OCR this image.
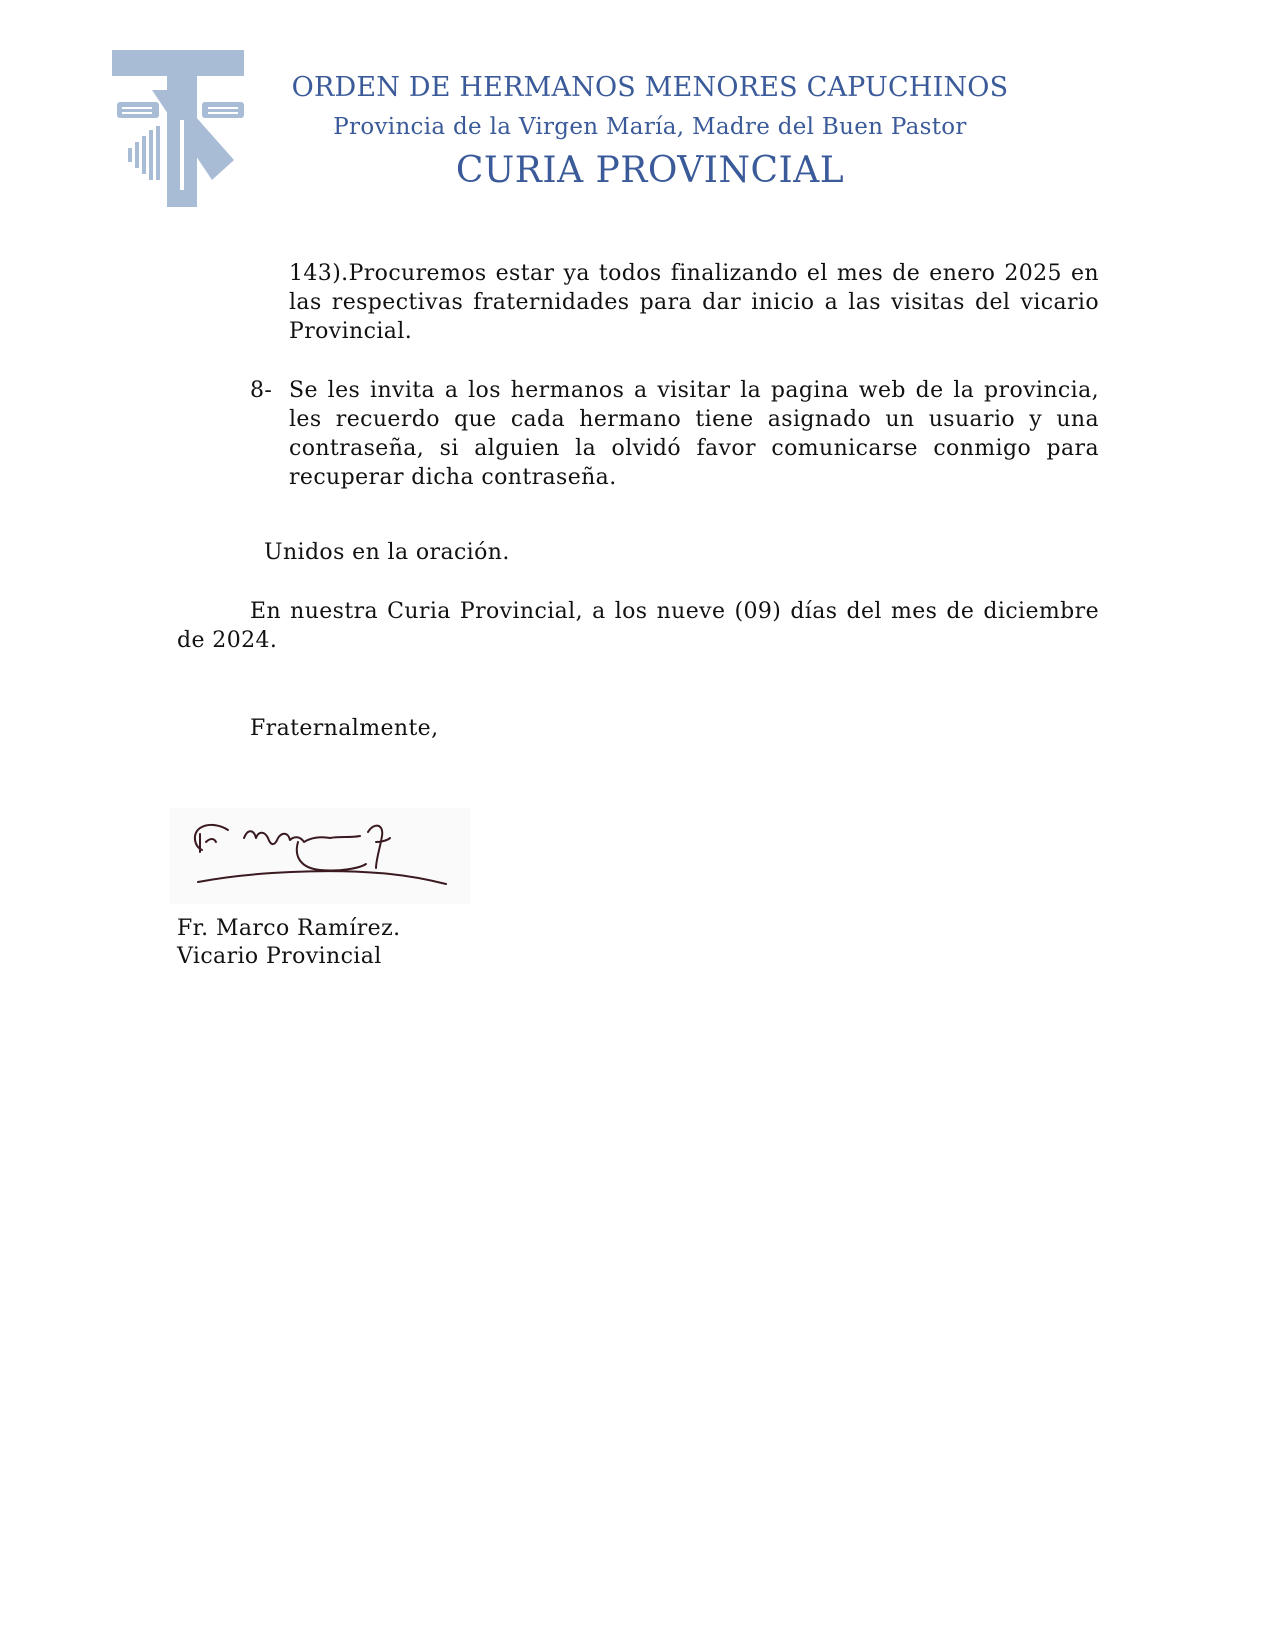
ORDEN DE HERMANOS MENORES CAPUCHINOS
Provincia de la Virgen María, Madre del Buen Pastor
CURIA PROVINCIAL
143).Procuremos estar ya todos finalizando el mes de enero 2025 en las respectivas fraternidades para dar inicio a las visitas del vicario Provincial.
8- Se les invita a los hermanos a visitar la pagina web de la provincia, les recuerdo que cada hermano tiene asignado un usuario y una contraseña, si alguien la olvidó favor comunicarse conmigo para recuperar dicha contraseña.
Unidos en la oración.
En nuestra Curia Provincial, a los nueve (09) días del mes de diciembre de 2024.
Fraternalmente,
Fr. Marco Ramírez.
Vicario Provincial
